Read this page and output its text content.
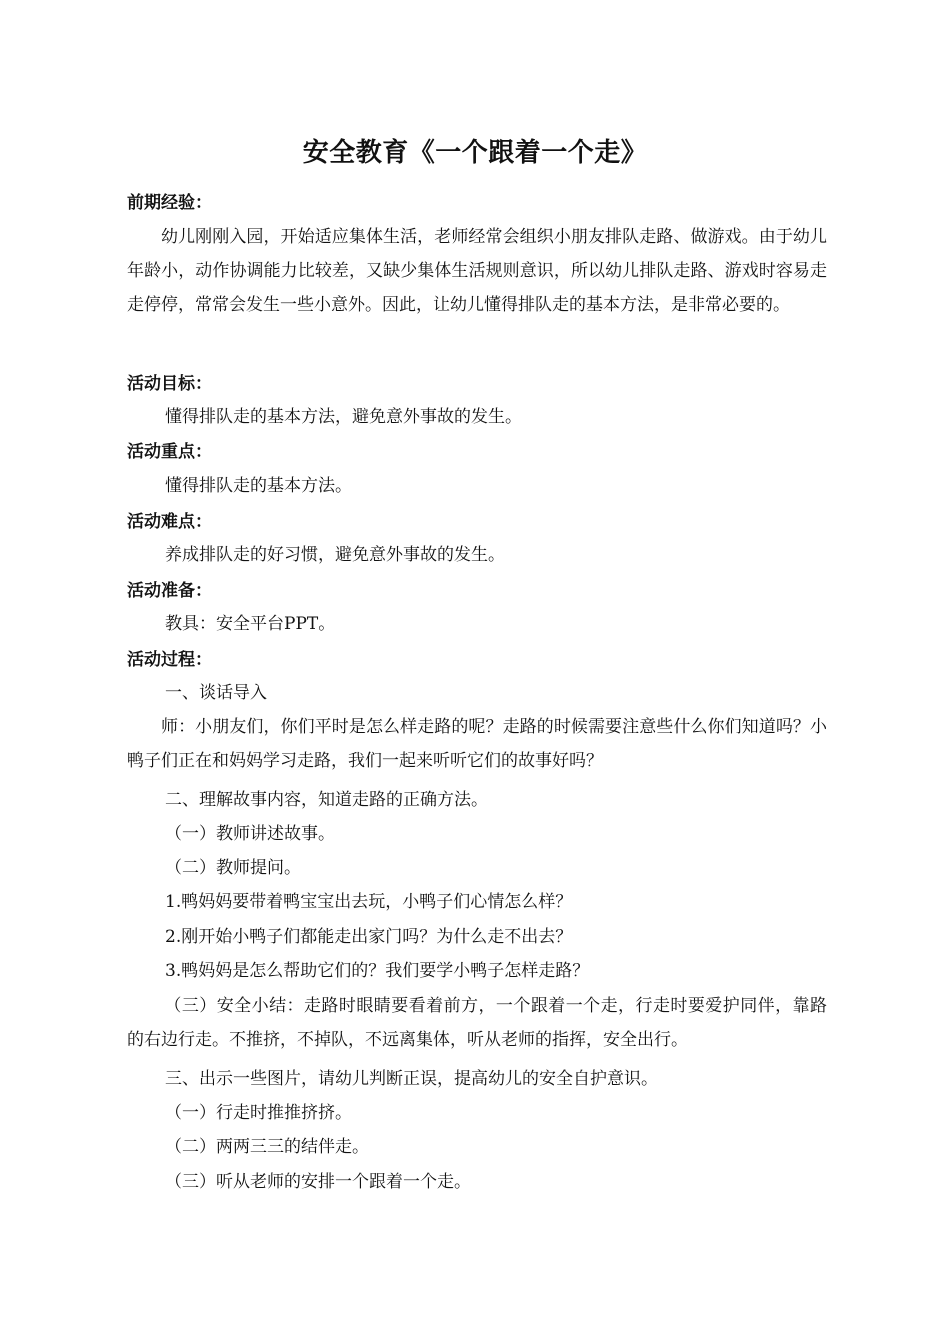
安全教育《一个跟着一个走》
前期经验：
幼儿刚刚入园，开始适应集体生活，老师经常会组织小朋友排队走路、做游戏。由于幼儿年龄小，动作协调能力比较差，又缺少集体生活规则意识，所以幼儿排队走路、游戏时容易走走停停，常常会发生一些小意外。因此，让幼儿懂得排队走的基本方法，是非常必要的。
活动目标：
懂得排队走的基本方法，避免意外事故的发生。
活动重点：
懂得排队走的基本方法。
活动难点：
养成排队走的好习惯，避免意外事故的发生。
活动准备：
教具：安全平台PPT。
活动过程：
一、谈话导入
师：小朋友们，你们平时是怎么样走路的呢？走路的时候需要注意些什么你们知道吗？小鸭子们正在和妈妈学习走路，我们一起来听听它们的故事好吗？
二、理解故事内容，知道走路的正确方法。
（一）教师讲述故事。
（二）教师提问。
1.鸭妈妈要带着鸭宝宝出去玩，小鸭子们心情怎么样？
2.刚开始小鸭子们都能走出家门吗？为什么走不出去？
3.鸭妈妈是怎么帮助它们的？我们要学小鸭子怎样走路？
（三）安全小结：走路时眼睛要看着前方，一个跟着一个走，行走时要爱护同伴，靠路的右边行走。不推挤，不掉队，不远离集体，听从老师的指挥，安全出行。
三、出示一些图片，请幼儿判断正误，提高幼儿的安全自护意识。
（一）行走时推推挤挤。
（二）两两三三的结伴走。
（三）听从老师的安排一个跟着一个走。
